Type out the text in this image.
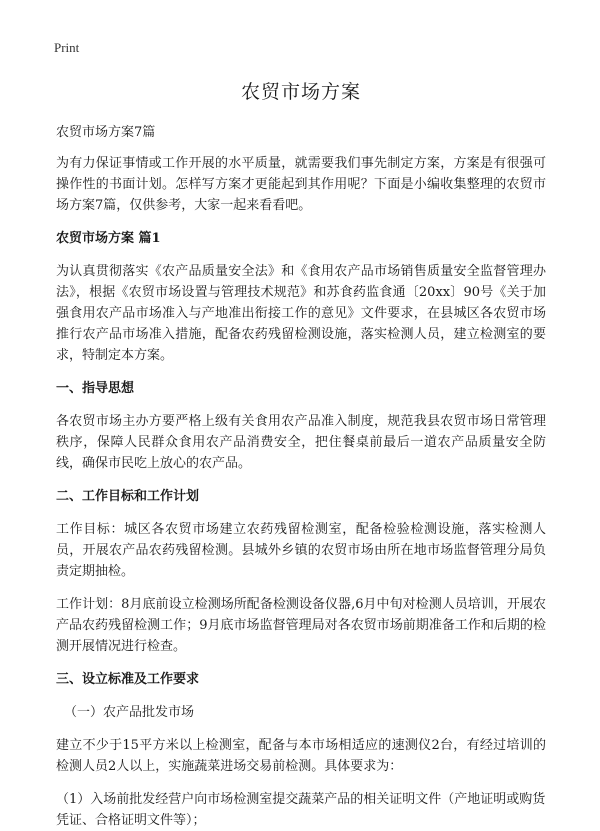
Print
农贸市场方案

农贸市场方案7篇

为有力保证事情或工作开展的水平质量，就需要我们事先制定方案，方案是有很强可操作性的书面计划。怎样写方案才更能起到其作用呢？下面是小编收集整理的农贸市场方案7篇，仅供参考，大家一起来看看吧。

农贸市场方案 篇1

为认真贯彻落实《农产品质量安全法》和《食用农产品市场销售质量安全监督管理办法》，根据《农贸市场设置与管理技术规范》和苏食药监食通〔20xx〕90号《关于加强食用农产品市场准入与产地准出衔接工作的意见》文件要求，在县城区各农贸市场推行农产品市场准入措施，配备农药残留检测设施，落实检测人员，建立检测室的要求，特制定本方案。

一、指导思想

各农贸市场主办方要严格上级有关食用农产品准入制度，规范我县农贸市场日常管理秩序，保障人民群众食用农产品消费安全，把住餐桌前最后一道农产品质量安全防线，确保市民吃上放心的农产品。

二、工作目标和工作计划

工作目标：城区各农贸市场建立农药残留检测室，配备检验检测设施，落实检测人员，开展农产品农药残留检测。县城外乡镇的农贸市场由所在地市场监督管理分局负责定期抽检。

工作计划：8月底前设立检测场所配备检测设备仪器,6月中旬对检测人员培训，开展农产品农药残留检测工作；9月底市场监督管理局对各农贸市场前期准备工作和后期的检测开展情况进行检查。

三、设立标准及工作要求
（一）农产品批发市场

建立不少于15平方米以上检测室，配备与本市场相适应的速测仪2台，有经过培训的检测人员2人以上，实施蔬菜进场交易前检测。具体要求为：

（1）入场前批发经营户向市场检测室提交蔬菜产品的相关证明文件（产地证明或购货凭证、合格证明文件等）；
